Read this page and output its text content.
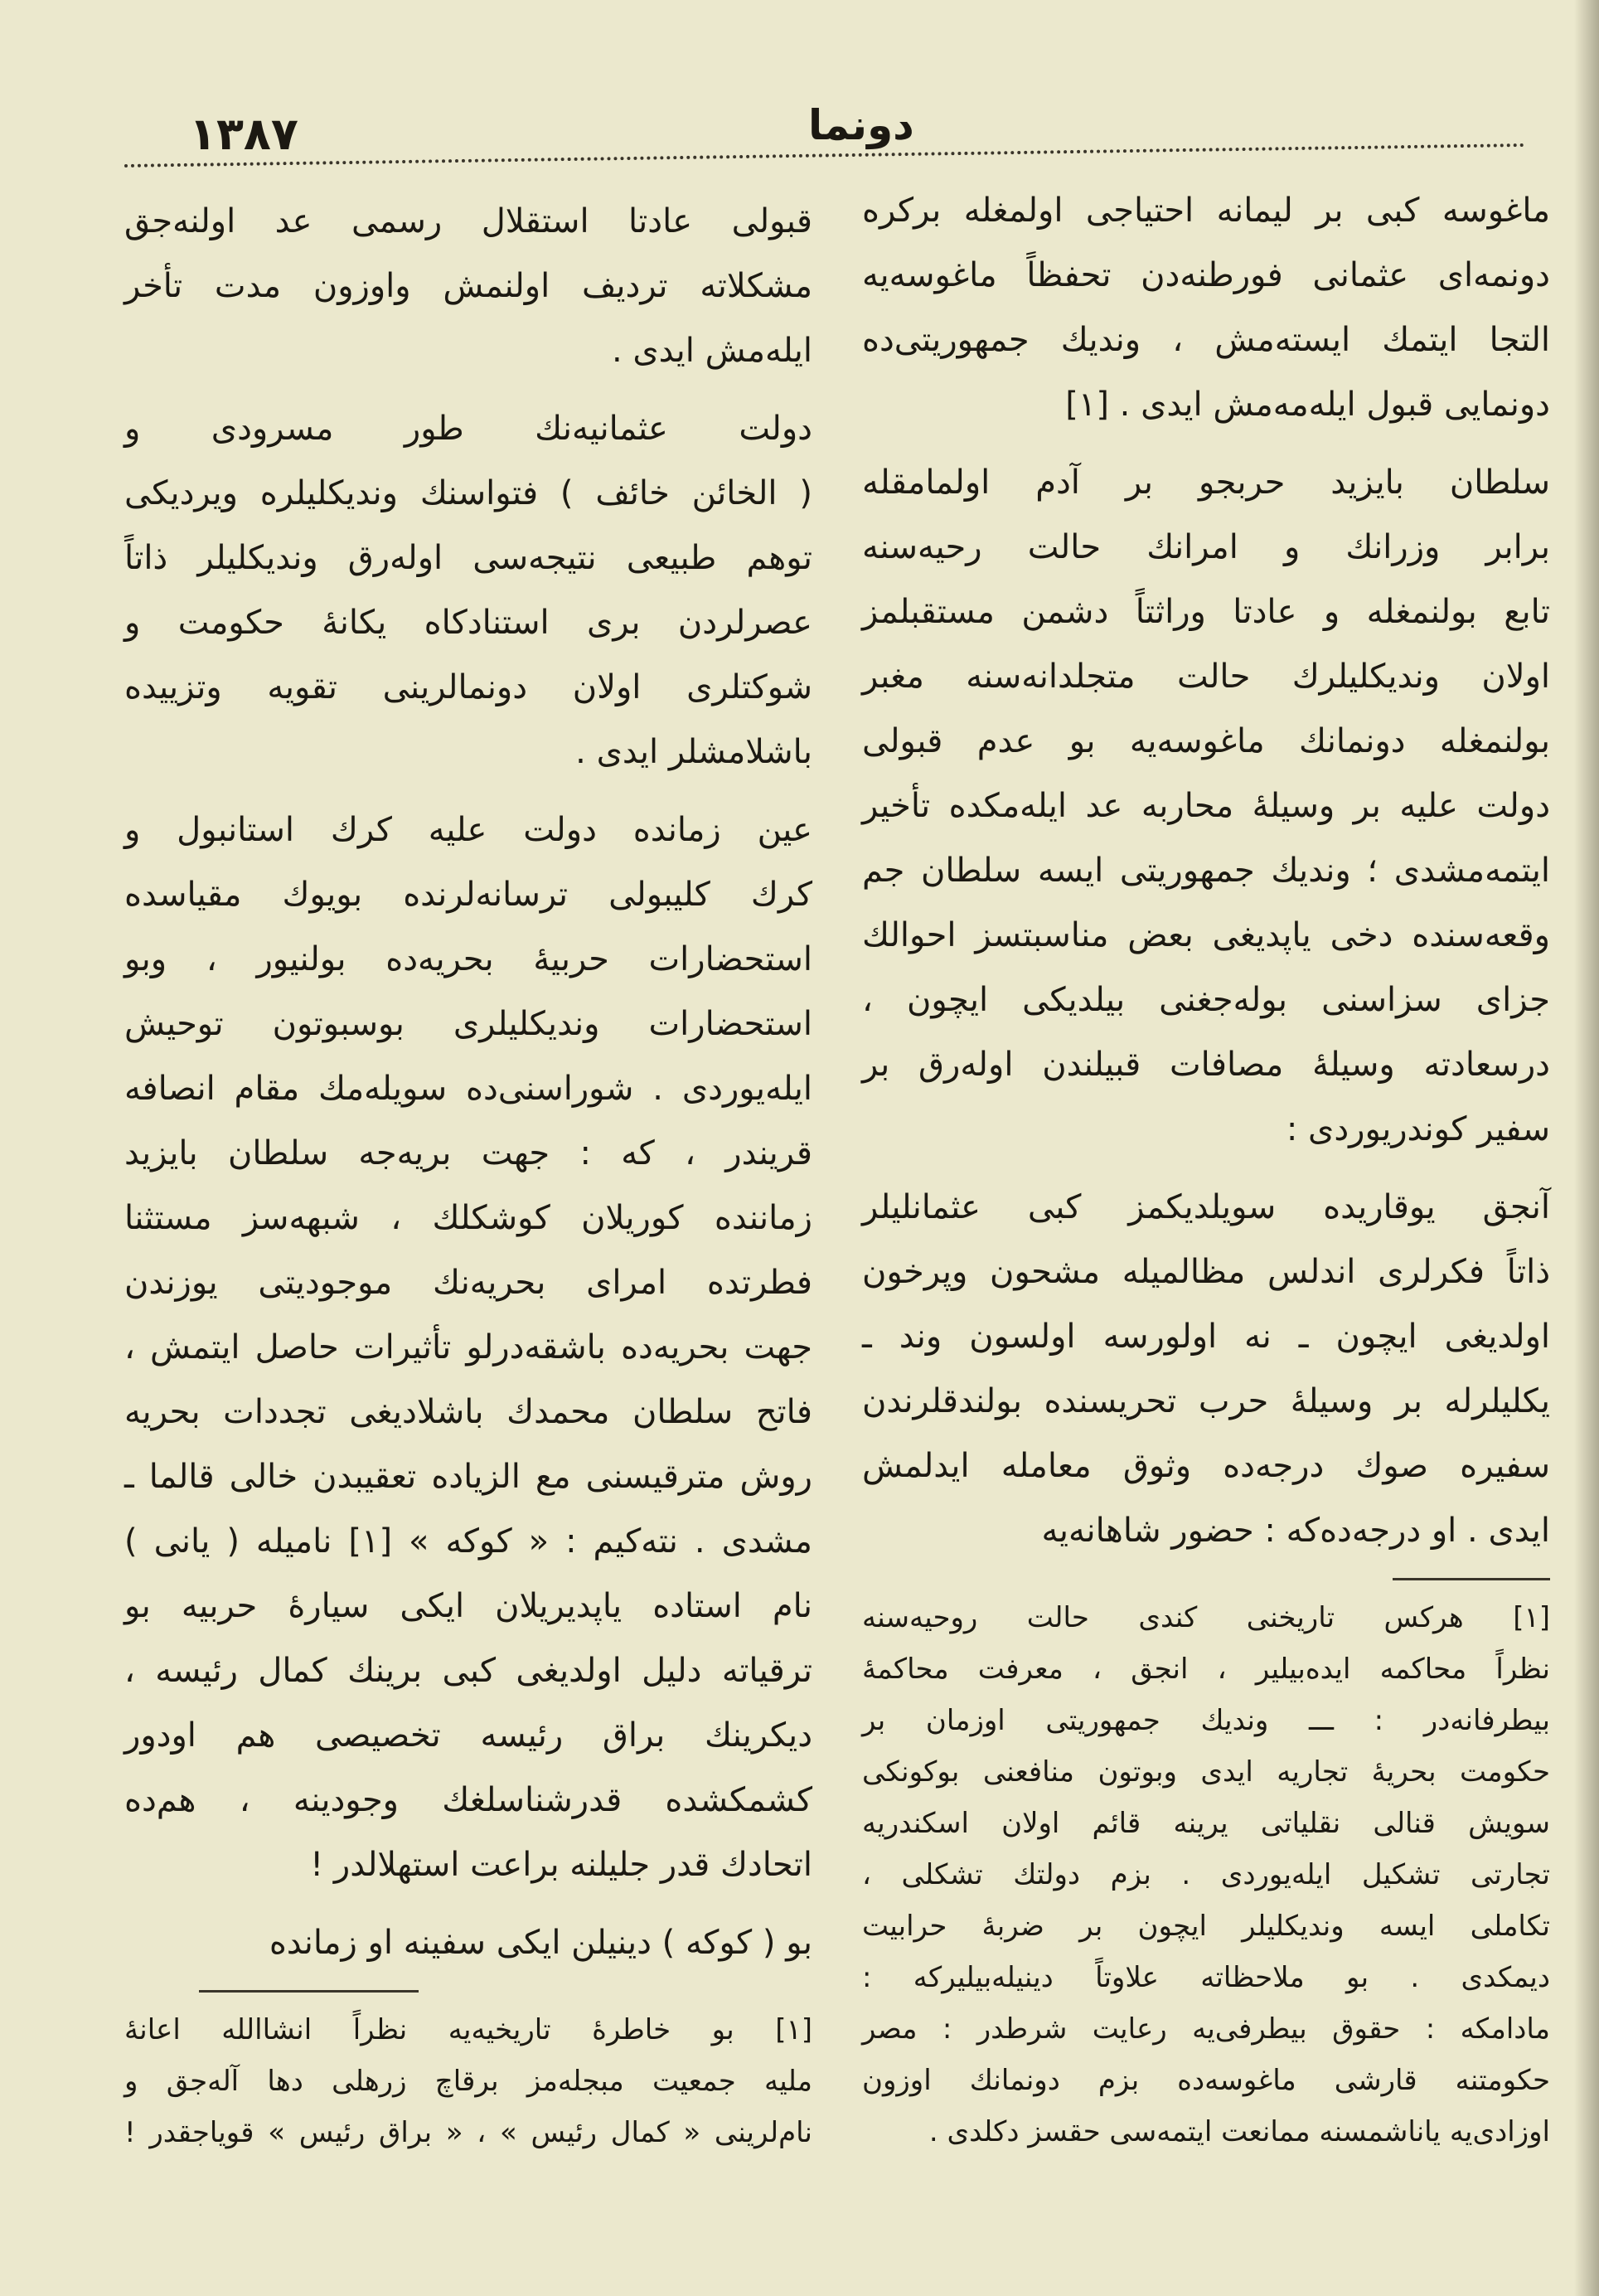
١٣٨٧	دونما
ماغوسه کبی بر لیمانه احتیاجی اولمغله برکره
دونمه‌ای عثمانی فورطنه‌دن تحفظاً ماغوسه‌یه
التجا ایتمك ایسته‌مش ، وندیك جمهوریتی‌ده
دونمایی قبول ایله‌مه‌مش ایدی . [١]
سلطان بایزید حربجو بر آدم اولمامقله
برابر وزرانك و امرانك حالت رحیه‌سنه
تابع بولنمغله و عادتا وراثتاً دشمن مستقبلمز
اولان وندیکلیلرك حالت متجلدانه‌سنه مغبر
بولنمغله دونمانك ماغوسه‌یه بو عدم قبولی
دولت علیه بر وسیلهٔ محاربه عد ایله‌مکده تأخیر
ایتمه‌مشدی ؛ وندیك جمهوریتی ایسه سلطان جم
وقعه‌سنده دخی یاپدیغی بعض مناسبتسز احوالك
جزای سزاسنی بوله‌جغنی بیلدیکی ایچون ،
درسعادته وسیلهٔ مصافات قبیلندن اوله‌رق بر
سفیر کوندریوردی :
آنجق یوقاریده سویلدیکمز کبی عثمانلیلر
ذاتاً فکرلری اندلس مظالمیله مشحون وپرخون
اولدیغی ایچون ـ نه اولورسه اولسون وند ـ
یکلیلرله بر وسیلهٔ حرب تحریسنده بولندقلرندن
سفیره صوك درجه‌ده وثوق معامله ایدلمش
ایدی . او درجه‌ده‌که : حضور شاهانه‌یه
[١] هرکس تاریخنی کندی حالت روحیه‌سنه
نظراً محاکمه ایده‌بیلیر ، انجق ، معرفت محاکمهٔ
بیطرفانه‌در : ـــ وندیك جمهوریتی اوزمان بر
حکومت بحریهٔ تجاریه ایدی وبوتون منافعنی بوکونکی
سویش قنالی نقلیاتی یرینه قائم اولان اسکندریه
تجارتی تشکیل ایله‌یوردی . بزم دولتك تشکلی ،
تکاملی ایسه وندیکلیلر ایچون بر ضربهٔ حرابیت
دیمکدی . بو ملاحظاته علاوتاً دینیله‌بیلیرکه :
مادامکه : حقوق بیطرفی‌یه رعایت شرطدر : مصر
حکومتنه قارشی ماغوسه‌ده بزم دونمانك اوزون
اوزادی‌یه یاناشمسنه ممانعت ایتمه‌سی حقسز دکلدی .
قبولی عادتا استقلال رسمی عد اولنه‌جق
مشکلاته تردیف اولنمش واوزون مدت تأخر
ایله‌مش ایدی .
دولت عثمانیه‌نك طور مسرودی و
( الخائن خائف ) فتواسنك وندیکلیلره ویردیکی
توهم طبیعی نتیجه‌سی اوله‌رق وندیکلیلر ذاتاً
عصرلردن بری استنادکاه یکانهٔ حکومت و
شوکتلری اولان دونمالرینی تقویه وتزییده
باشلامشلر ایدی .
عین زمانده دولت علیه کرك استانبول و
کرك کلیبولی ترسانه‌لرنده بویوك مقیاسده
استحضارات حربیهٔ بحریه‌ده بولنیور ، وبو
استحضارات وندیکلیلری بوسبوتون توحیش
ایله‌یوردی . شوراسنی‌ده سویله‌مك مقام انصافه
قریندر ، که : جهت بریه‌جه سلطان بایزید
زماننده کوریلان کوشکلك ، شبهه‌سز مستثنا
فطرتده امرای بحریه‌نك موجودیتی یوزندن
جهت بحریه‌ده باشقه‌درلو تأثیرات حاصل ایتمش ،
فاتح سلطان محمدك باشلادیغی تجددات بحریه
روش مترقیسنی مع الزیاده تعقیبدن خالی قالما ـ
مشدی . نته‌کیم : « کوکه » [١] نامیله ( یانی )
نام استاده یاپدیریلان ایکی سیارهٔ حربیه بو
ترقیاته دلیل اولدیغی کبی برینك کمال رئیسه ،
دیکرینك براق رئیسه تخصیصی هم اودور
کشمکشده قدرشناسلغك وجودینه ، هم‌ده
اتحادك قدر جلیلنه براعت استهلالدر !
بو ( کوکه ) دینیلن ایکی سفینه او زمانده
[١] بو خاطرهٔ تاریخیه‌یه نظراً انشاالله اعانهٔ
ملیه جمعیت مبجله‌مز برقاچ زرهلی دها آله‌جق و
نام‌لرینی « کمال رئیس » ، « براق رئیس » قویاجقدر !
